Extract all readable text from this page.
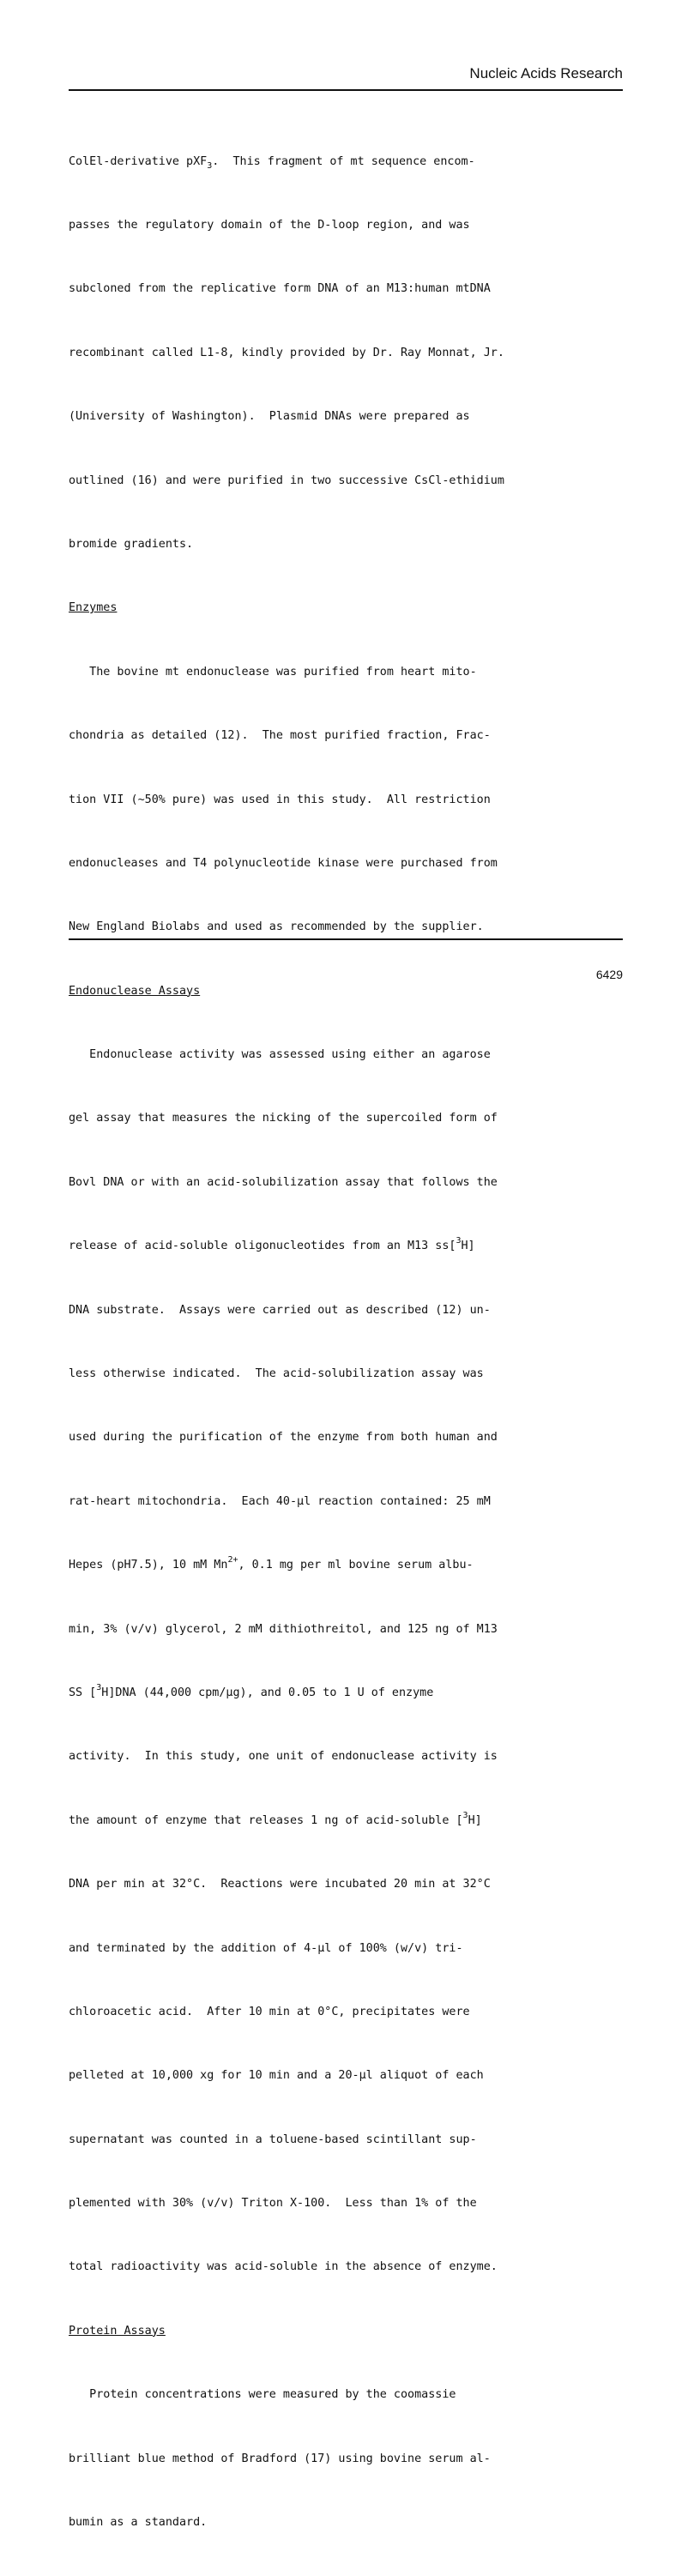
Nucleic Acids Research

ColEl-derivative pXF$_3$.  This fragment of mt sequence encom-

passes the regulatory domain of the D-loop region, and was

subcloned from the replicative form DNA of an M13:human mtDNA

recombinant called L1-8, kindly provided by Dr. Ray Monnat, Jr.

(University of Washington).  Plasmid DNAs were prepared as

outlined (16) and were purified in two successive CsCl-ethidium

bromide gradients.

Enzymes

The bovine mt endonuclease was purified from heart mito-

chondria as detailed (12).  The most purified fraction, Frac-

tion VII (~50% pure) was used in this study.  All restriction

endonucleases and T4 polynucleotide kinase were purchased from

New England Biolabs and used as recommended by the supplier.

Endonuclease Assays

Endonuclease activity was assessed using either an agarose

gel assay that measures the nicking of the supercoiled form of

Bovl DNA or with an acid-solubilization assay that follows the

release of acid-soluble oligonucleotides from an M13 ss[$^3$H]

DNA substrate.  Assays were carried out as described (12) un-

less otherwise indicated.  The acid-solubilization assay was

used during the purification of the enzyme from both human and

rat-heart mitochondria.  Each 40-µl reaction contained: 25 mM

Hepes (pH7.5), 10 mM $Mn^{2+}$, 0.1 mg per ml bovine serum albu-

min, 3% (v/v) glycerol, 2 mM dithiothreitol, and 125 ng of M13

SS [$^3$H]DNA (44,000 cpm/µg), and 0.05 to 1 U of enzyme

activity.  In this study, one unit of endonuclease activity is

the amount of enzyme that releases 1 ng of acid-soluble [$^3$H]

DNA per min at 32°C.  Reactions were incubated 20 min at 32°C

and terminated by the addition of 4-µl of 100% (w/v) tri-

chloroacetic acid.  After 10 min at 0°C, precipitates were

pelleted at 10,000 xg for 10 min and a 20-µl aliquot of each

supernatant was counted in a toluene-based scintillant sup-

plemented with 30% (v/v) Triton X-100.  Less than 1% of the

total radioactivity was acid-soluble in the absence of enzyme.

Protein Assays

Protein concentrations were measured by the coomassie

brilliant blue method of Bradford (17) using bovine serum al-

bumin as a standard.

6429
